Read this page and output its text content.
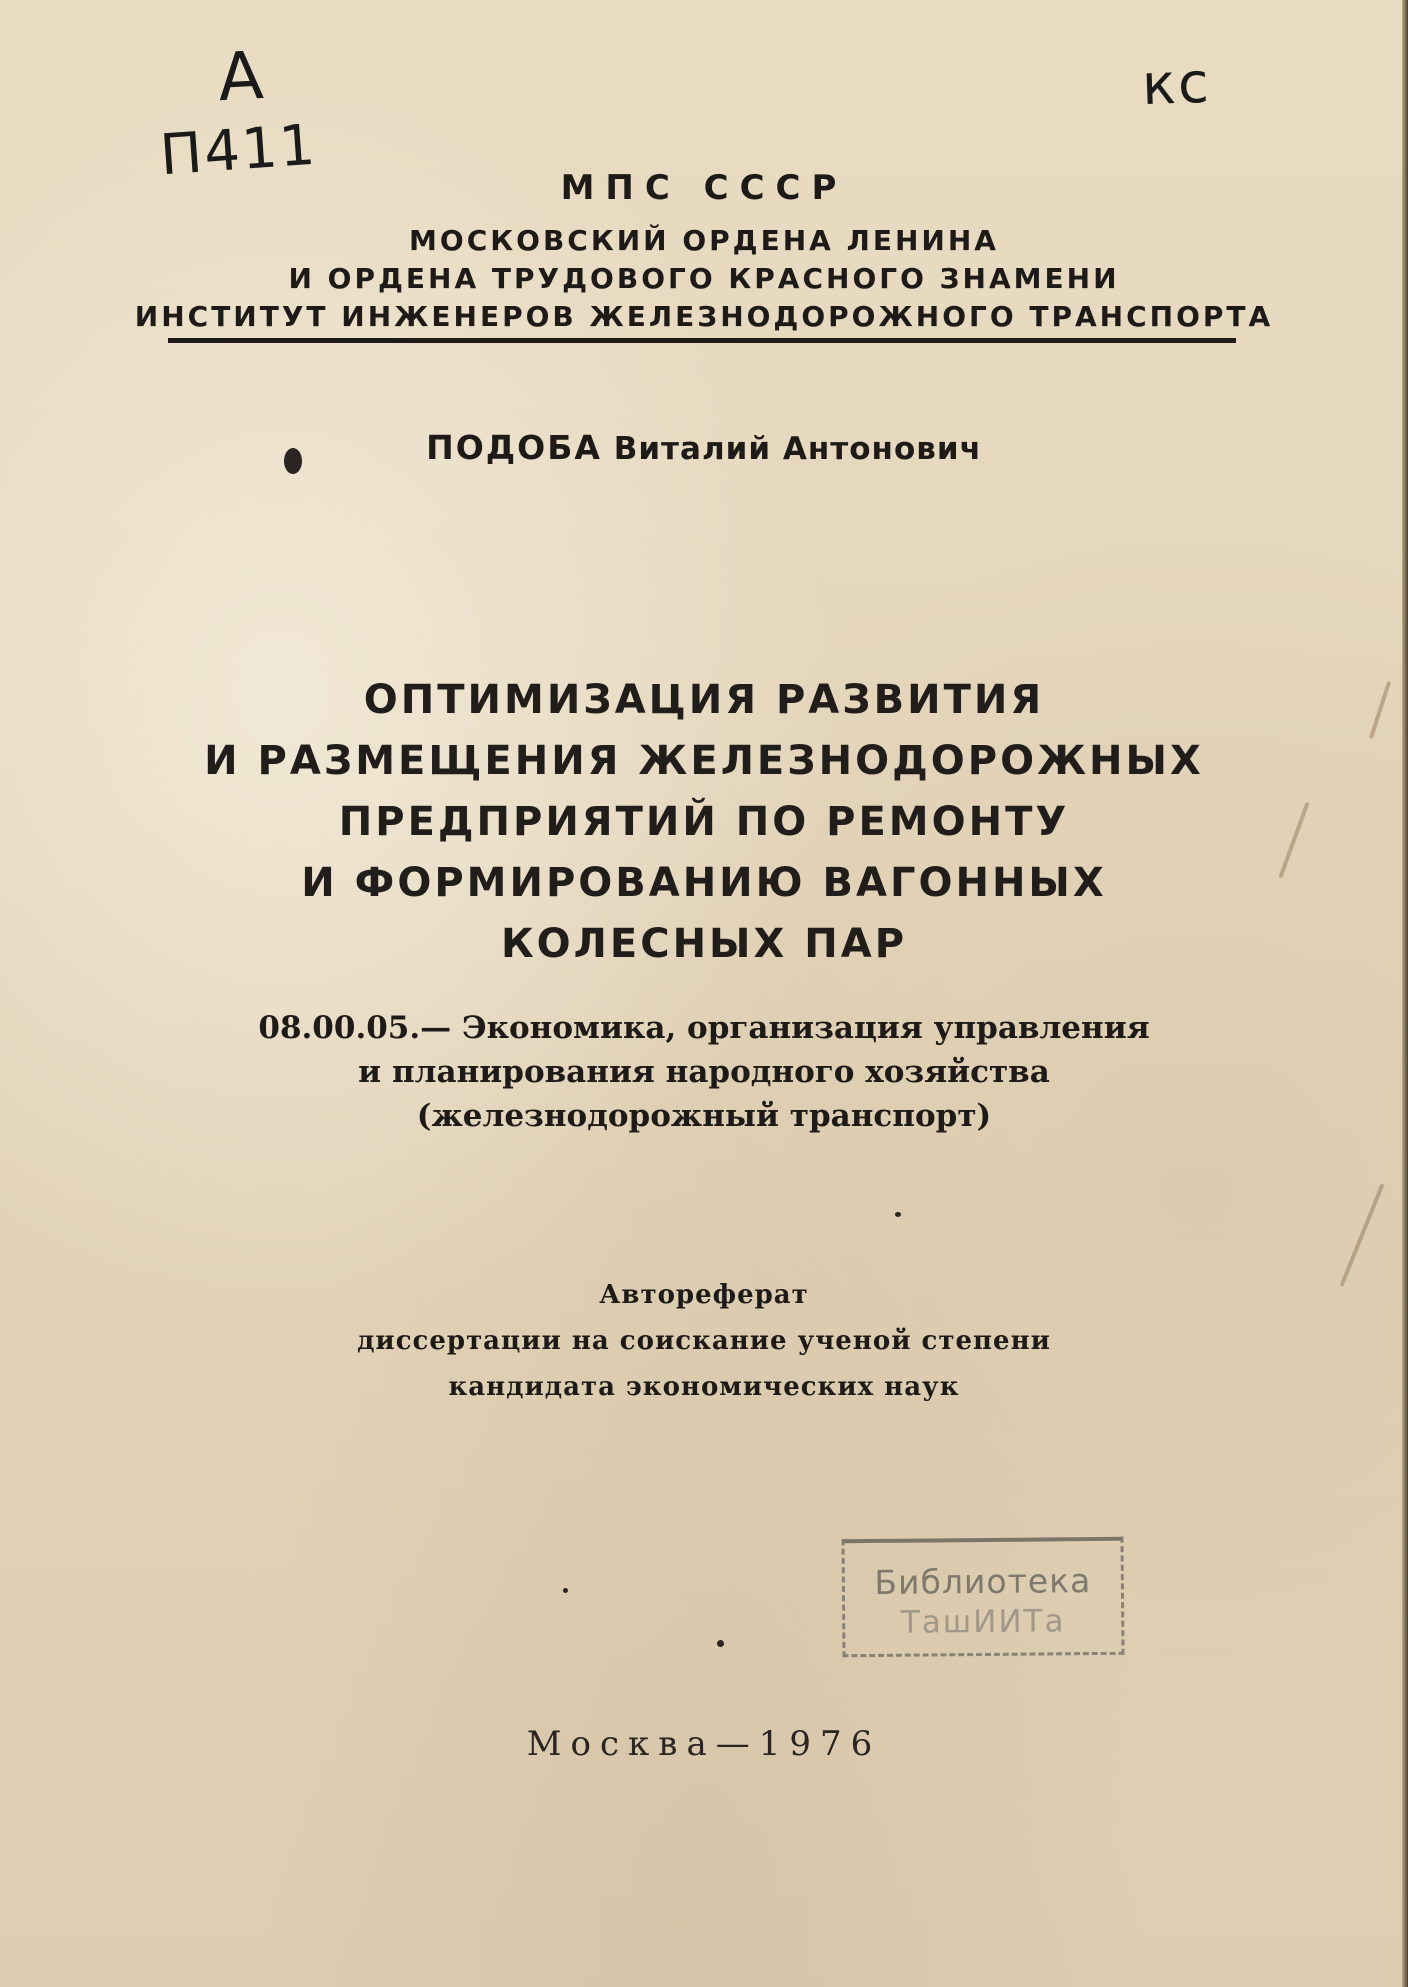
А
П411
кс
МПС СССР
МОСКОВСКИЙ ОРДЕНА ЛЕНИНА
И ОРДЕНА ТРУДОВОГО КРАСНОГО ЗНАМЕНИ
ИНСТИТУТ ИНЖЕНЕРОВ ЖЕЛЕЗНОДОРОЖНОГО ТРАНСПОРТА
ПОДОБА Виталий Антонович
ОПТИМИЗАЦИЯ РАЗВИТИЯ
И РАЗМЕЩЕНИЯ ЖЕЛЕЗНОДОРОЖНЫХ
ПРЕДПРИЯТИЙ ПО РЕМОНТУ
И ФОРМИРОВАНИЮ ВАГОННЫХ
КОЛЕСНЫХ ПАР
08.00.05.— Экономика, организация управления
и планирования народного хозяйства
(железнодорожный транспорт)
Автореферат
диссертации на соискание ученой степени
кандидата экономических наук
Библиотека
ТашИИТа
Москва—1976
